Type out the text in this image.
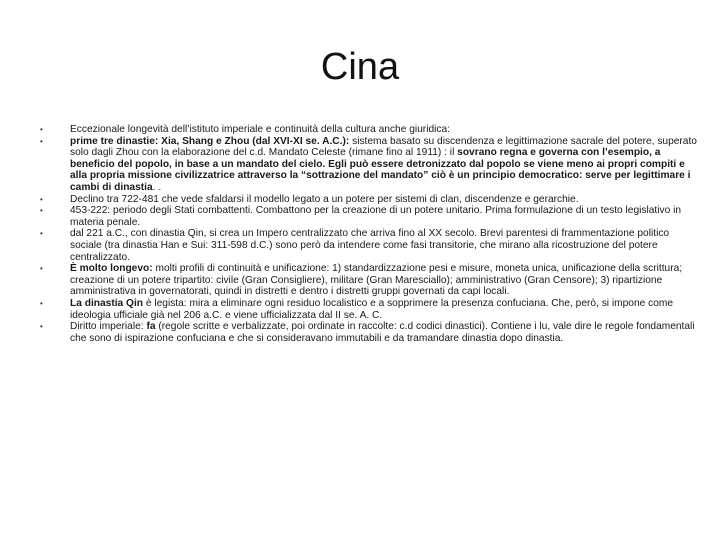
Cina
•	Eccezionale longevità dell’istituto imperiale e continuità della cultura anche giuridica:
•	prime tre dinastie: Xia, Shang e Zhou (dal XVI-XI se. A.C.): sistema basato su discendenza e legittimazione sacrale del potere, superato solo dagli Zhou con la elaborazione del c.d. Mandato Celeste (rimane fino al 1911) : il sovrano regna e governa con l’esempio, a beneficio del popolo, in base a un mandato del cielo. Egli può essere detronizzato dal popolo se viene meno ai propri compiti e alla propria missione civilizzatrice attraverso la “sottrazione del mandato” ciò è un principio democratico: serve per legittimare i cambi di dinastia. .
•	Declino tra 722-481 che vede sfaldarsi il modello legato a un potere per sistemi di clan, discendenze e gerarchie.
•	453-222: periodo degli Stati combattenti. Combattono per la creazione di un potere unitario. Prima formulazione di un testo legislativo in materia penale.
•	dal 221 a.C., con dinastia Qin, si crea un Impero centralizzato che arriva fino al XX secolo. Brevi parentesi di frammentazione politico sociale (tra dinastia Han e Sui: 311-598 d.C.) sono però da intendere come fasi transitorie, che mirano alla ricostruzione del potere centralizzato.
•	È molto longevo: molti profili di continuità e unificazione: 1) standardizzazione pesi e misure, moneta unica, unificazione della scrittura; creazione di un potere tripartito: civile (Gran Consigliere), militare (Gran Maresciallo); amministrativo (Gran Censore); 3) ripartizione amministrativa in governatorati, quindi in distretti e dentro i distretti gruppi governati da capi locali.
•	La dinastia Qin è legista: mira a eliminare ogni residuo localistico e a sopprimere la presenza confuciana. Che, però, si impone come ideologia ufficiale già nel 206 a.C. e viene ufficializzata dal II se. A. C.
•	Diritto imperiale: fa (regole scritte e verbalizzate, poi ordinate in raccolte: c.d codici dinastici). Contiene i lu, vale dire le regole fondamentali che sono di ispirazione confuciana e che si consideravano immutabili e da tramandare dinastia dopo dinastia.
